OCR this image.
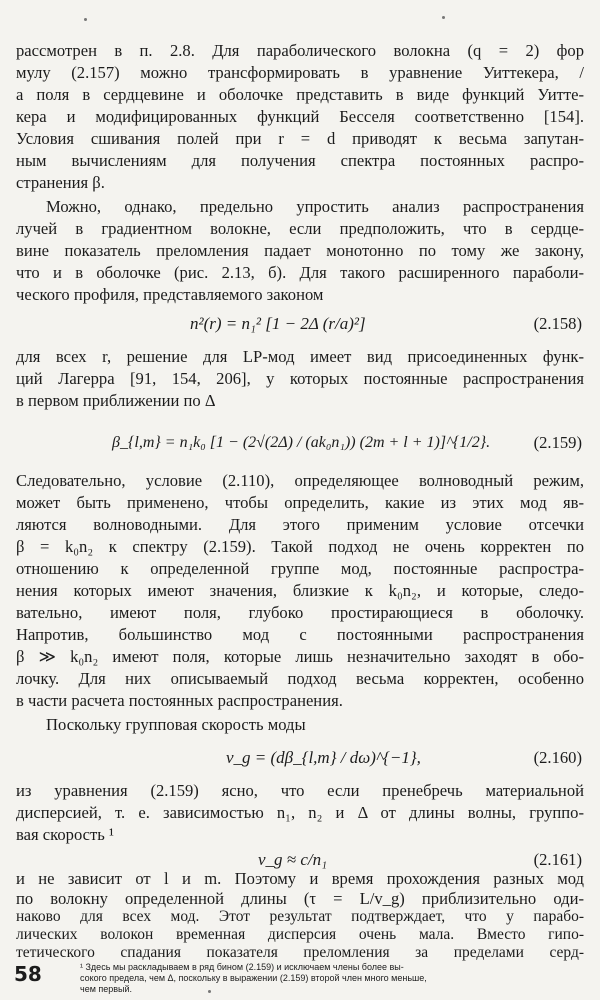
рассмотрен в п. 2.8. Для параболического волокна (q = 2) фор
мулу (2.157) можно трансформировать в уравнение Уиттекера, /
а поля в сердцевине и оболочке представить в виде функций Уитте-
кера и модифицированных функций Бесселя соответственно [154].
Условия сшивания полей при r = d приводят к весьма запутан-
ным вычислениям для получения спектра постоянных распро-
странения β.
Можно, однако, предельно упростить анализ распространения
лучей в градиентном волокне, если предположить, что в сердце-
вине показатель преломления падает монотонно по тому же закону,
что и в оболочке (рис. 2.13, б). Для такого расширенного параболи-
ческого профиля, представляемого законом
n²(r) = n₁² [1 − 2Δ (r/a)²]	(2.158)
для всех r, решение для LP-мод имеет вид присоединенных функ-
ций Лагерра [91, 154, 206], у которых постоянные распространения
в первом приближении по Δ
β_{l,m} = n₁k₀ [1 − (2√(2Δ) / (ak₀n₁)) (2m + l + 1)]^{1/2}.	(2.159)
Следовательно, условие (2.110), определяющее волноводный режим,
может быть применено, чтобы определить, какие из этих мод яв-
ляются волноводными. Для этого применим условие отсечки
β = k₀n₂ к спектру (2.159). Такой подход не очень корректен по
отношению к определенной группе мод, постоянные распростра-
нения которых имеют значения, близкие к k₀n₂, и которые, следо-
вательно, имеют поля, глубоко простирающиеся в оболочку.
Напротив, большинство мод с постоянными распространения
β ≫ k₀n₂ имеют поля, которые лишь незначительно заходят в обо-
лочку. Для них описываемый подход весьма корректен, особенно
в части расчета постоянных распространения.
Поскольку групповая скорость моды
v_g = (dβ_{l,m} / dω)^{−1},	(2.160)
из уравнения (2.159) ясно, что если пренебречь материальной
дисперсией, т. е. зависимостью n₁, n₂ и Δ от длины волны, группо-
вая скорость ¹
v_g ≈ c/n₁	(2.161)
и не зависит от l и m. Поэтому и время прохождения разных мод
по волокну определенной длины (τ = L/v_g) приблизительно оди-
наково для всех мод. Этот результат подтверждает, что у парабо-
лических волокон временная дисперсия очень мала. Вместо гипо-
тетического спадания показателя преломления за пределами серд-
¹ Здесь мы раскладываем в ряд бином (2.159) и исключаем члены более вы-
сокого предела, чем Δ, поскольку в выражении (2.159) второй член много меньше,
чем первый.
58
